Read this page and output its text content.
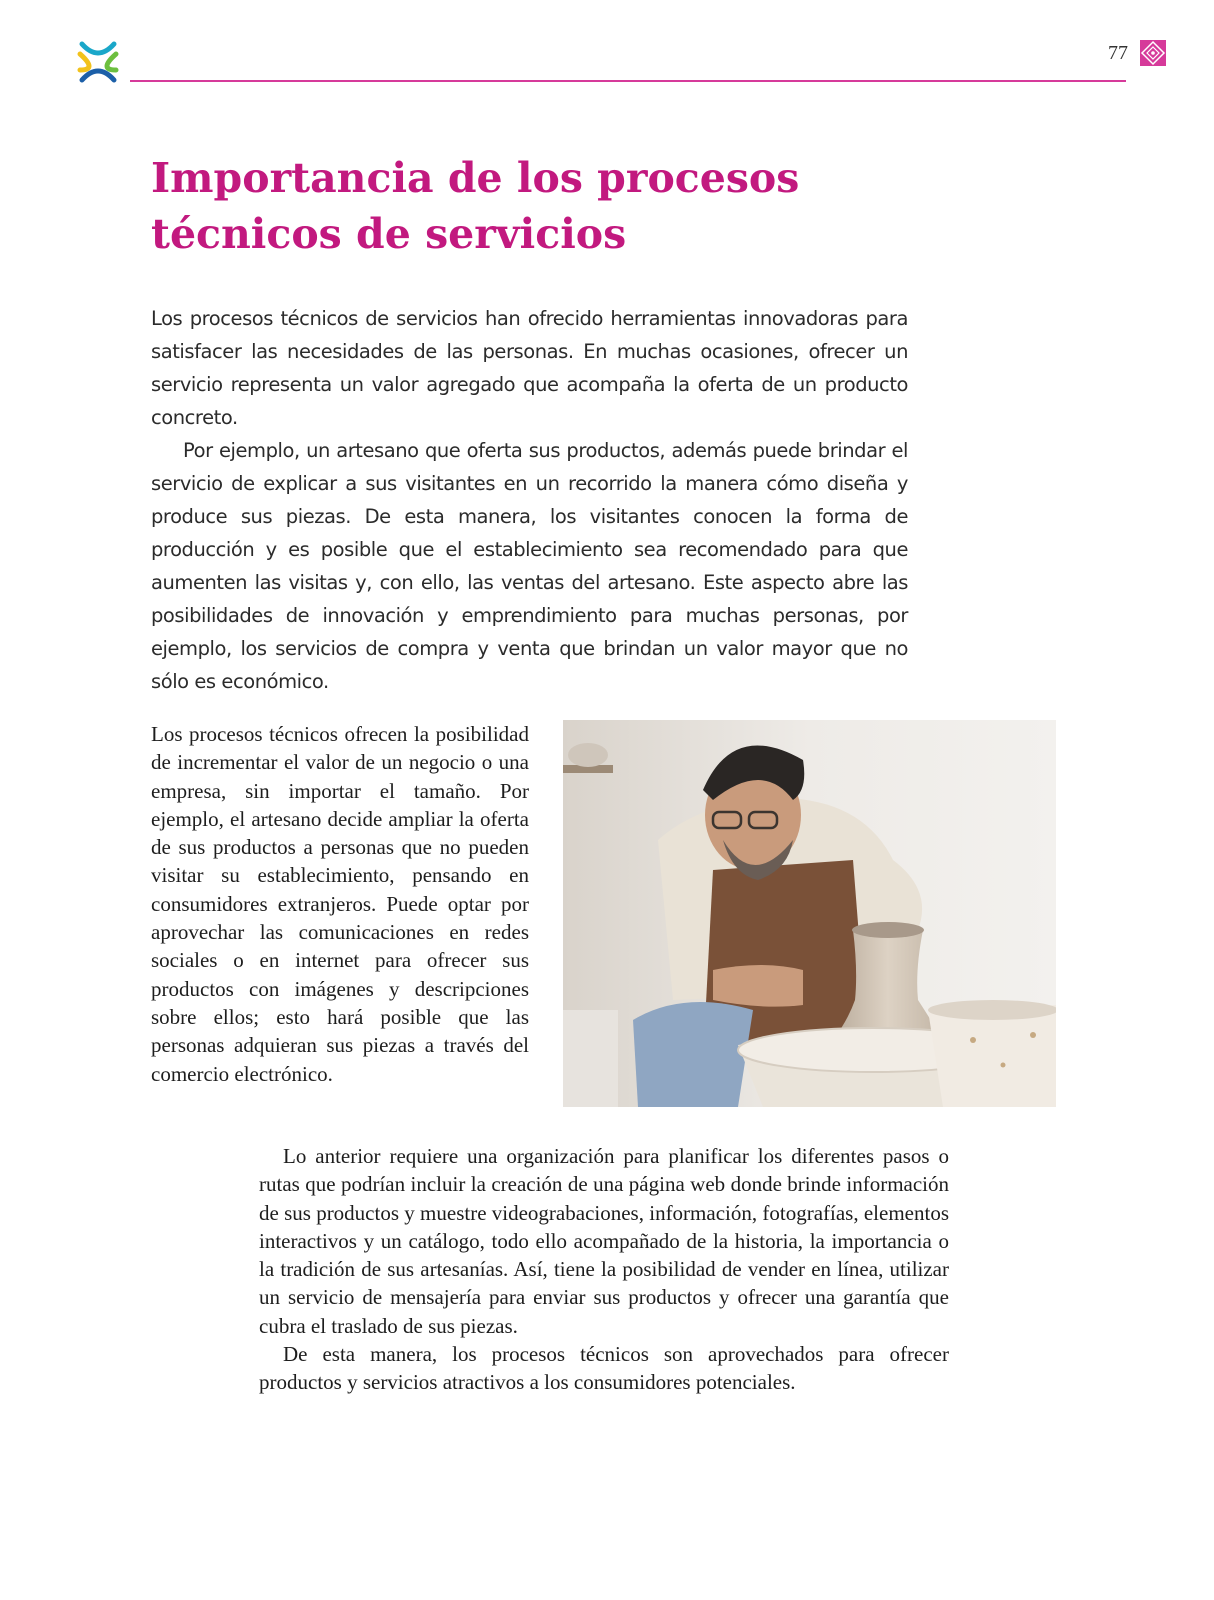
77
Importancia de los procesos
técnicos de servicios

Los procesos técnicos de servicios han ofrecido herramientas innovadoras para satisfacer las necesidades de las personas. En muchas ocasiones, ofrecer un servicio representa un valor agregado que acompaña la oferta de un producto concreto.

Por ejemplo, un artesano que oferta sus productos, además puede brindar el servicio de explicar a sus visitantes en un recorrido la manera cómo diseña y produce sus piezas. De esta manera, los visitantes conocen la forma de producción y es posible que el establecimiento sea recomendado para que aumenten las visitas y, con ello, las ventas del artesano. Este aspecto abre las posibilidades de innovación y emprendimiento para muchas personas, por ejemplo, los servicios de compra y venta que brindan un valor mayor que no sólo es económico.

Los procesos técnicos ofrecen la posibilidad de incrementar el valor de un negocio o una empresa, sin importar el tamaño. Por ejemplo, el artesano decide ampliar la oferta de sus productos a personas que no pueden visitar su establecimiento, pensando en consumidores extranjeros. Puede optar por aprovechar las comunicaciones en redes sociales o en internet para ofrecer sus productos con imágenes y descripciones sobre ellos; esto hará posible que las personas adquieran sus piezas a través del comercio electrónico.

Lo anterior requiere una organización para planificar los diferentes pasos o rutas que podrían incluir la creación de una página web donde brinde información de sus productos y muestre videograbaciones, información, fotografías, elementos interactivos y un catálogo, todo ello acompañado de la historia, la importancia o la tradición de sus artesanías. Así, tiene la posibilidad de vender en línea, utilizar un servicio de mensajería para enviar sus productos y ofrecer una garantía que cubra el traslado de sus piezas.

De esta manera, los procesos técnicos son aprovechados para ofrecer productos y servicios atractivos a los consumidores potenciales.
